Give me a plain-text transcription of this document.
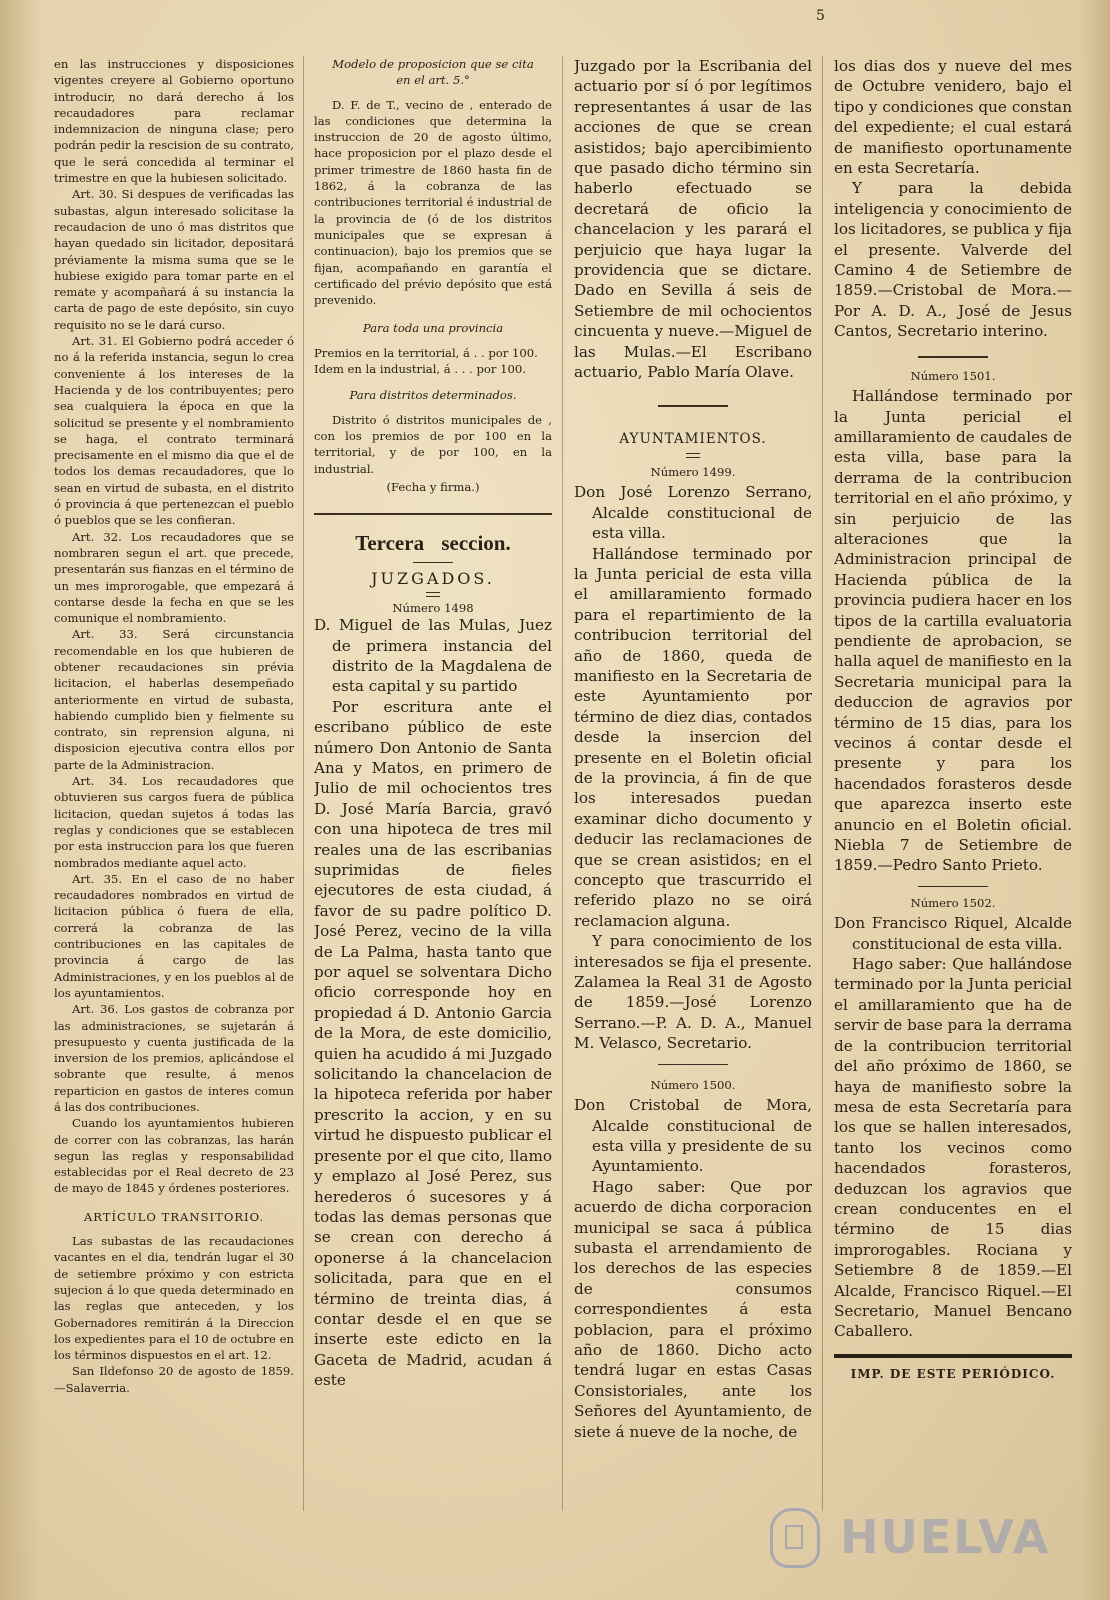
5

en las instrucciones y disposiciones vigentes creyere al Gobierno oportuno introducir, no dará derecho á los recaudadores para reclamar indemnizacion de ninguna clase; pero podrán pedir la rescision de su contrato, que le será concedida al terminar el trimestre en que la hubiesen solicitado.

Art. 30. Si despues de verificadas las subastas, algun interesado solicitase la recaudacion de uno ó mas distritos que hayan quedado sin licitador, depositará préviamente la misma suma que se le hubiese exigido para tomar parte en el remate y acompañará á su instancia la carta de pago de este depósito, sin cuyo requisito no se le dará curso.

Art. 31. El Gobierno podrá acceder ó no á la referida instancia, segun lo crea conveniente á los intereses de la Hacienda y de los contribuyentes; pero sea cualquiera la época en que la solicitud se presente y el nombramiento se haga, el contrato terminará precisamente en el mismo dia que el de todos los demas recaudadores, que lo sean en virtud de subasta, en el distrito ó provincia á que pertenezcan el pueblo ó pueblos que se les confieran.

Art. 32. Los recaudadores que se nombraren segun el art. que precede, presentarán sus fianzas en el término de un mes improrogable, que empezará á contarse desde la fecha en que se les comunique el nombramiento.

Art. 33. Será circunstancia recomendable en los que hubieren de obtener recaudaciones sin prévia licitacion, el haberlas desempeñado anteriormente en virtud de subasta, habiendo cumplido bien y fielmente su contrato, sin reprension alguna, ni disposicion ejecutiva contra ellos por parte de la Administracion.

Art. 34. Los recaudadores que obtuvieren sus cargos fuera de pública licitacion, quedan sujetos á todas las reglas y condiciones que se establecen por esta instruccion para los que fueren nombrados mediante aquel acto.

Art. 35. En el caso de no haber recaudadores nombrados en virtud de licitacion pública ó fuera de ella, correrá la cobranza de las contribuciones en las capitales de provincia á cargo de las Administraciones, y en los pueblos al de los ayuntamientos.

Art. 36. Los gastos de cobranza por las administraciones, se sujetarán á presupuesto y cuenta justificada de la inversion de los premios, aplicándose el sobrante que resulte, á menos reparticion en gastos de interes comun á las dos contribuciones.

Cuando los ayuntamientos hubieren de correr con las cobranzas, las harán segun las reglas y responsabilidad establecidas por el Real decreto de 23 de mayo de 1845 y órdenes posteriores.

ARTÍCULO TRANSITORIO.

Las subastas de las recaudaciones vacantes en el dia, tendrán lugar el 30 de setiembre próximo y con estricta sujecion á lo que queda determinado en las reglas que anteceden, y los Gobernadores remitirán á la Direccion los expedientes para el 10 de octubre en los términos dispuestos en el art. 12.

San Ildefonso 20 de agosto de 1859.—Salaverria.

Modelo de proposicion que se cita en el art. 5.°

D. F. de T., vecino de , enterado de las condiciones que determina la instruccion de 20 de agosto último, hace proposicion por el plazo desde el primer trimestre de 1860 hasta fin de 1862, á la cobranza de las contribuciones territorial é industrial de la provincia de (ó de los distritos municipales que se expresan á continuacion), bajo los premios que se fijan, acompañando en garantía el certificado del prévio depósito que está prevenido.

Para toda una provincia

Premios en la territorial, á . . por 100.

Idem en la industrial, á . . . por 100.

Para distritos determinados.

Distrito ó distritos municipales de , con los premios de por 100 en la territorial, y de por 100, en la industrial.

(Fecha y firma.)

Tercera seccion.

JUZGADOS.

Número 1498

D. Miguel de las Mulas, Juez de primera instancia del distrito de la Magdalena de esta capital y su partido

Por escritura ante el escribano público de este número Don Antonio de Santa Ana y Matos, en primero de Julio de mil ochocientos tres D. José María Barcia, gravó con una hipoteca de tres mil reales una de las escribanias suprimidas de fieles ejecutores de esta ciudad, á favor de su padre político D. José Perez, vecino de la villa de La Palma, hasta tanto que por aquel se solventara Dicho oficio corresponde hoy en propiedad á D. Antonio Garcia de la Mora, de este domicilio, quien ha acudido á mi Juzgado solicitando la chancelacion de la hipoteca referida por haber prescrito la accion, y en su virtud he dispuesto publicar el presente por el que cito, llamo y emplazo al José Perez, sus herederos ó sucesores y á todas las demas personas que se crean con derecho á oponerse á la chancelacion solicitada, para que en el término de treinta dias, á contar desde el en que se inserte este edicto en la Gaceta de Madrid, acudan á este

Juzgado por la Escribania del actuario por sí ó por legítimos representantes á usar de las acciones de que se crean asistidos; bajo apercibimiento que pasado dicho término sin haberlo efectuado se decretará de oficio la chancelacion y les parará el perjuicio que haya lugar la providencia que se dictare. Dado en Sevilla á seis de Setiembre de mil ochocientos cincuenta y nueve.—Miguel de las Mulas.—El Escribano actuario, Pablo María Olave.

AYUNTAMIENTOS.

Número 1499.

Don José Lorenzo Serrano, Alcalde constitucional de esta villa.

Hallándose terminado por la Junta pericial de esta villa el amillaramiento formado para el repartimiento de la contribucion territorial del año de 1860, queda de manifiesto en la Secretaria de este Ayuntamiento por término de diez dias, contados desde la insercion del presente en el Boletin oficial de la provincia, á fin de que los interesados puedan examinar dicho documento y deducir las reclamaciones de que se crean asistidos; en el concepto que trascurrido el referido plazo no se oirá reclamacion alguna.

Y para conocimiento de los interesados se fija el presente. Zalamea la Real 31 de Agosto de 1859.—José Lorenzo Serrano.—P. A. D. A., Manuel M. Velasco, Secretario.

Número 1500.

Don Cristobal de Mora, Alcalde constitucional de esta villa y presidente de su Ayuntamiento.

Hago saber: Que por acuerdo de dicha corporacion municipal se saca á pública subasta el arrendamiento de los derechos de las especies de consumos correspondientes á esta poblacion, para el próximo año de 1860. Dicho acto tendrá lugar en estas Casas Consistoriales, ante los Señores del Ayuntamiento, de siete á nueve de la noche, de

los dias dos y nueve del mes de Octubre venidero, bajo el tipo y condiciones que constan del expediente; el cual estará de manifiesto oportunamente en esta Secretaría.

Y para la debida inteligencia y conocimiento de los licitadores, se publica y fija el presente. Valverde del Camino 4 de Setiembre de 1859.—Cristobal de Mora.—Por A. D. A., José de Jesus Cantos, Secretario interino.

Número 1501.

Hallándose terminado por la Junta pericial el amillaramiento de caudales de esta villa, base para la derrama de la contribucion territorial en el año próximo, y sin perjuicio de las alteraciones que la Administracion principal de Hacienda pública de la provincia pudiera hacer en los tipos de la cartilla evaluatoria pendiente de aprobacion, se halla aquel de manifiesto en la Secretaria municipal para la deduccion de agravios por término de 15 dias, para los vecinos á contar desde el presente y para los hacendados forasteros desde que aparezca inserto este anuncio en el Boletin oficial. Niebla 7 de Setiembre de 1859.—Pedro Santo Prieto.

Número 1502.

Don Francisco Riquel, Alcalde constitucional de esta villa.

Hago saber: Que hallándose terminado por la Junta pericial el amillaramiento que ha de servir de base para la derrama de la contribucion territorial del año próximo de 1860, se haya de manifiesto sobre la mesa de esta Secretaría para los que se hallen interesados, tanto los vecinos como hacendados forasteros, deduzcan los agravios que crean conducentes en el término de 15 dias improrogables. Rociana y Setiembre 8 de 1859.—El Alcalde, Francisco Riquel.—El Secretario, Manuel Bencano Caballero.

IMP. DE ESTE PERIÓDICO.

HUELVA
